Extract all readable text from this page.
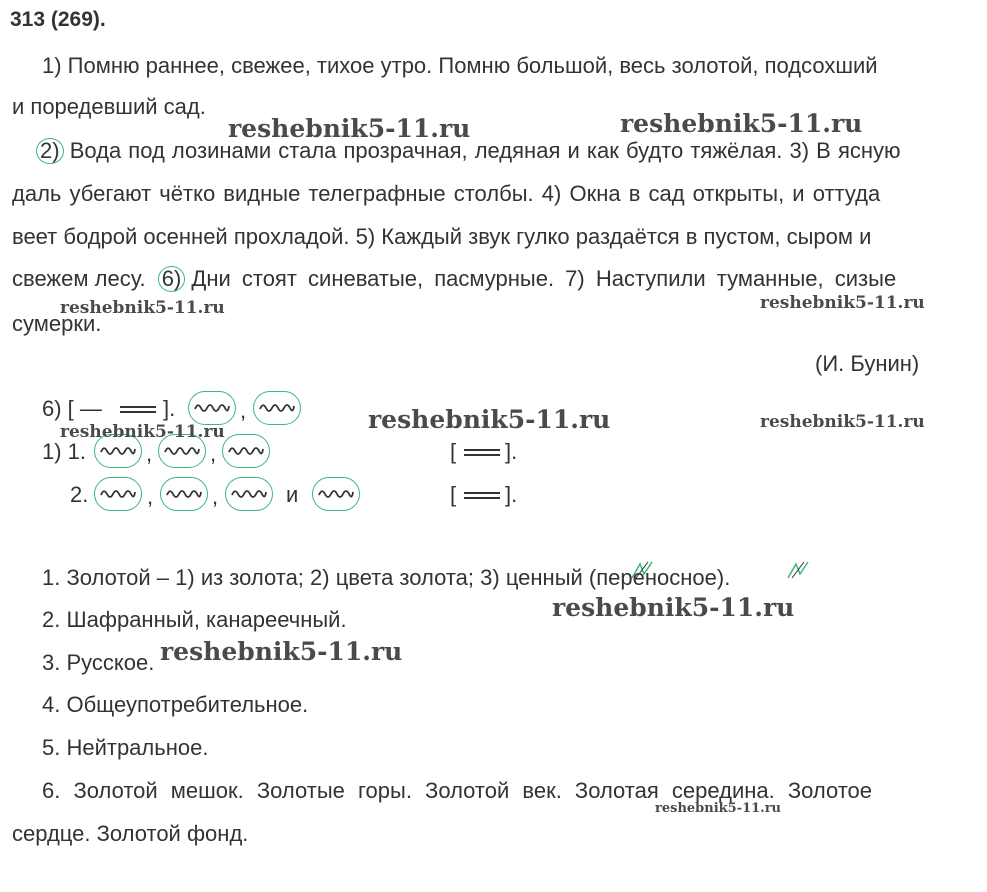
313 (269).
1) Помню раннее, свежее, тихое утро. Помню большой, весь золотой, подсохший
и поредевший сад.
2) Вода под лозинами стала прозрачная, ледяная и как будто тяжёлая. 3) В ясную
даль убегают чётко видные телеграфные столбы. 4) Окна в сад открыты, и оттуда
веет бодрой осенней прохладой. 5) Каждый звук гулко раздаётся в пустом, сыром и
свежем лесу. 6) Дни стоят синеватые, пасмурные. 7) Наступили туманные, сизые
сумерки.
(И. Бунин)
6) [ —	].	,
1) 1.	,	,	[ ].
2.	,	,	и	[ ].
1. Золотой – 1) из золота; 2) цвета золота; 3) ценный (переносное).
2. Шафранный, канареечный.
3. Русское.
4. Общеупотребительное.
5. Нейтральное.
6. Золотой мешок. Золотые горы. Золотой век. Золотая середина. Золотое
сердце. Золотой фонд.
reshebnik5-11.ru	reshebnik5-11.ru
reshebnik5-11.ru	reshebnik5-11.ru
reshebnik5-11.ru
reshebnik5-11.ru	reshebnik5-11.ru
reshebnik5-11.ru
reshebnik5-11.ru
reshebnik5-11.ru
